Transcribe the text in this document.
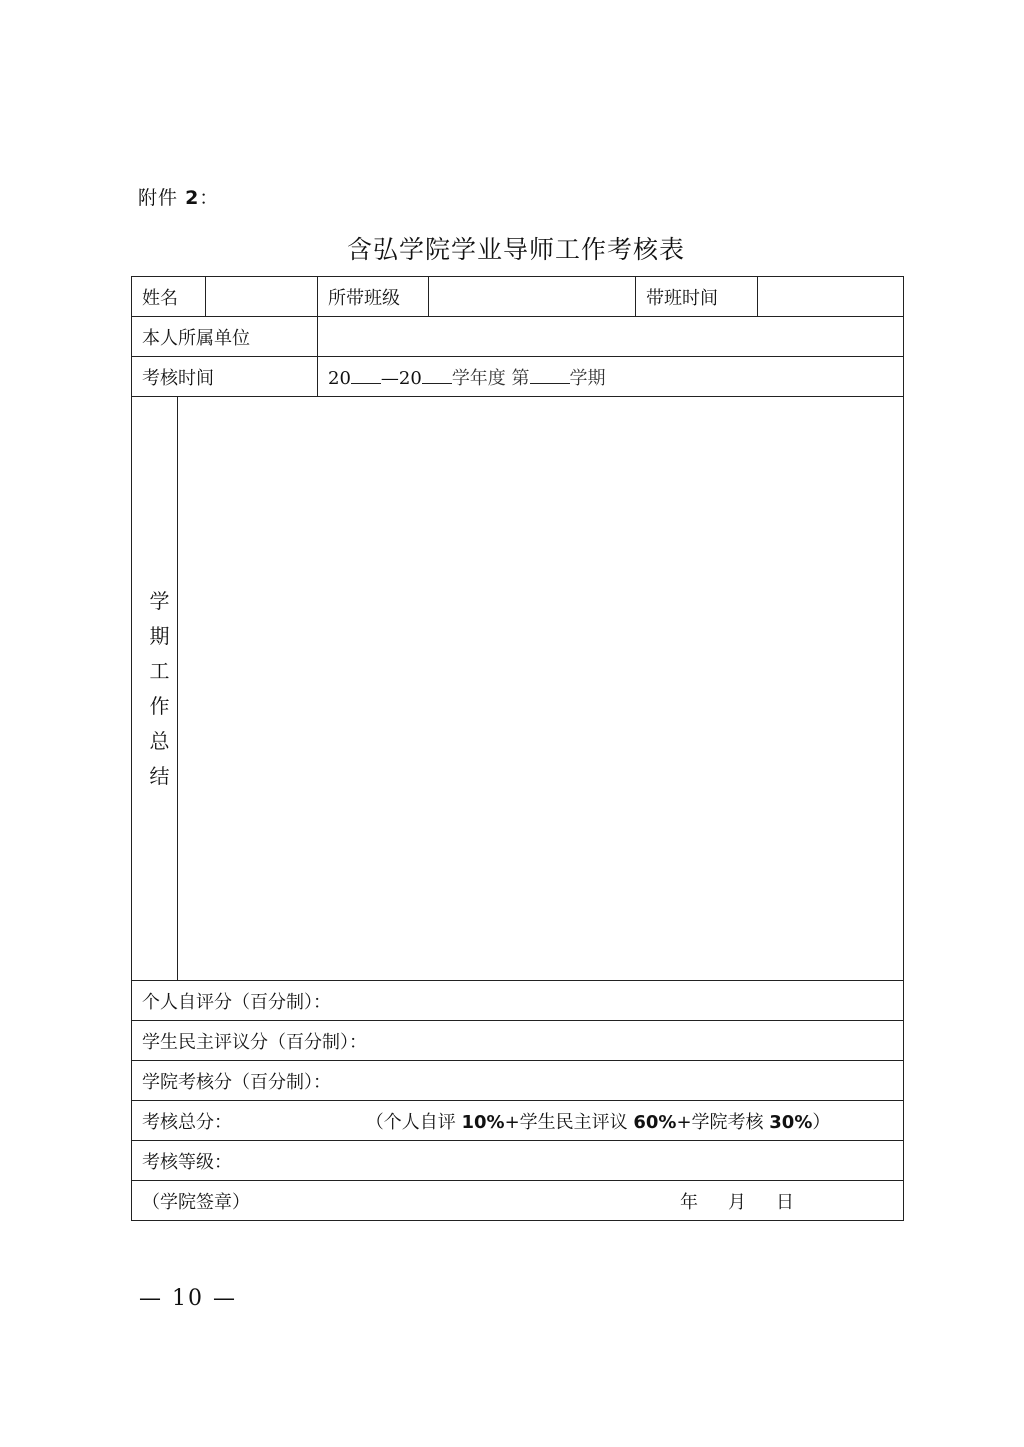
附件 2：
含弘学院学业导师工作考核表
姓名			所带班级		带班时间	
本人所属单位						
考核时间			20 —20 学年度 第 学期			
学期工作总结						
个人自评分（百分制）：						
学生民主评议分（百分制）：						
学院考核分（百分制）：						
考核总分： （个人自评 10%+学生民主评议 60%+学院考核 30%）						
考核等级：						
（学院签章） 年 月 日						
— 10 —
